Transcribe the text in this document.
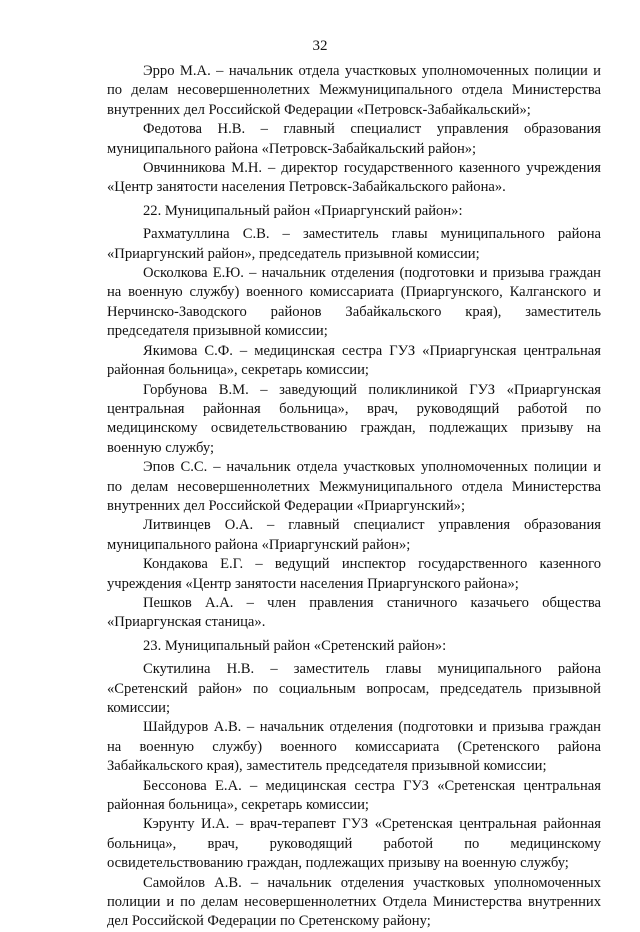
32

Эрро М.А. – начальник отдела участковых уполномоченных полиции и по делам несовершеннолетних Межмуниципального отдела Министерства внутренних дел Российской Федерации «Петровск-Забайкальский»;

Федотова Н.В. – главный специалист управления образования муниципального района «Петровск-Забайкальский район»;

Овчинникова М.Н. – директор государственного казенного учреждения «Центр занятости населения Петровск-Забайкальского района».

22. Муниципальный район «Приаргунский район»:

Рахматуллина С.В. – заместитель главы муниципального района «Приаргунский район», председатель призывной комиссии;

Осколкова Е.Ю. – начальник отделения (подготовки и призыва граждан на военную службу) военного комиссариата (Приаргунского, Калганского и Нерчинско-Заводского районов Забайкальского края), заместитель председателя призывной комиссии;

Якимова С.Ф. – медицинская сестра ГУЗ «Приаргунская центральная районная больница», секретарь комиссии;

Горбунова В.М. – заведующий поликлиникой ГУЗ «Приаргунская центральная районная больница», врач, руководящий работой по медицинскому освидетельствованию граждан, подлежащих призыву на военную службу;

Эпов С.С. – начальник отдела участковых уполномоченных полиции и по делам несовершеннолетних Межмуниципального отдела Министерства внутренних дел Российской Федерации «Приаргунский»;

Литвинцев О.А. – главный специалист управления образования муниципального района «Приаргунский район»;

Кондакова Е.Г. – ведущий инспектор государственного казенного учреждения «Центр занятости населения Приаргунского района»;

Пешков А.А. – член правления станичного казачьего общества «Приаргунская станица».

23. Муниципальный район «Сретенский район»:

Скутилина Н.В. – заместитель главы муниципального района «Сретенский район» по социальным вопросам, председатель призывной комиссии;

Шайдуров А.В. – начальник отделения (подготовки и призыва граждан на военную службу) военного комиссариата (Сретенского района Забайкальского края), заместитель председателя призывной комиссии;

Бессонова Е.А. – медицинская сестра ГУЗ «Сретенская центральная районная больница», секретарь комиссии;

Кэрунту И.А. – врач-терапевт ГУЗ «Сретенская центральная районная больница», врач, руководящий работой по медицинскому освидетельствованию граждан, подлежащих призыву на военную службу;

Самойлов А.В. – начальник отделения участковых уполномоченных полиции и по делам несовершеннолетних Отдела Министерства внутренних дел Российской Федерации по Сретенскому району;
